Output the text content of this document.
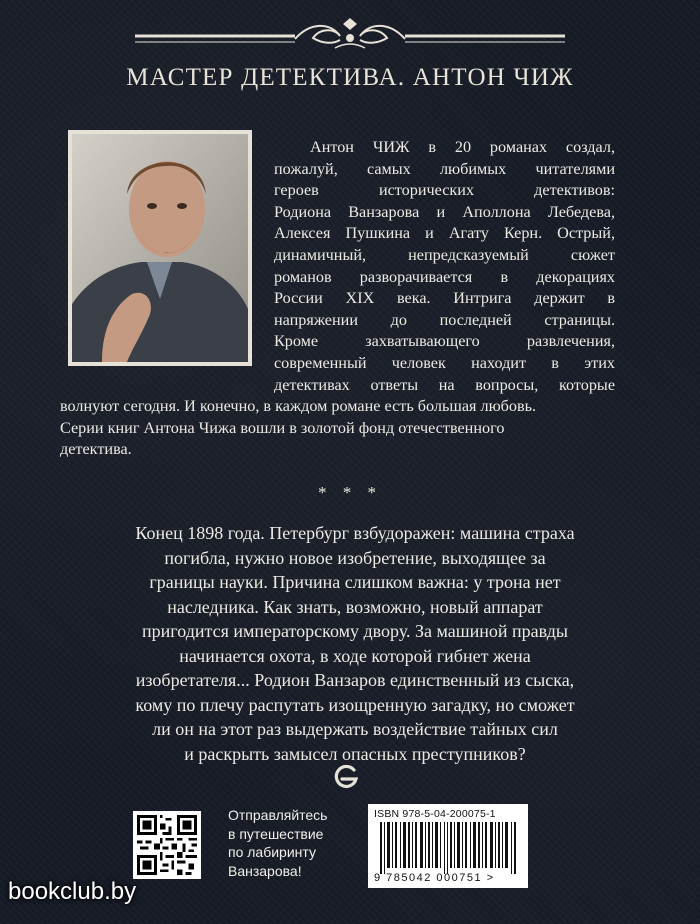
МАСТЕР ДЕТЕКТИВА. АНТОН ЧИЖ
Антон ЧИЖ в 20 романах создал,
пожалуй, самых любимых читателями
героев исторических детективов:
Родиона Ванзарова и Аполлона Лебедева,
Алексея Пушкина и Агату Керн. Острый,
динамичный, непредсказуемый сюжет
романов разворачивается в декорациях
России XIX века. Интрига держит в
напряжении до последней страницы.
Кроме захватывающего развлечения,
современный человек находит в этих
детективах ответы на вопросы, которые
волнуют сегодня. И конечно, в каждом романе есть большая любовь.
Серии книг Антона Чижа вошли в золотой фонд отечественного
детектива.
* * *
Конец 1898 года. Петербург взбудоражен: машина страха
погибла, нужно новое изобретение, выходящее за
границы науки. Причина слишком важна: у трона нет
наследника. Как знать, возможно, новый аппарат
пригодится императорскому двору. За машиной правды
начинается охота, в ходе которой гибнет жена
изобретателя... Родион Ванзаров единственный из сыска,
кому по плечу распутать изощренную загадку, но сможет
ли он на этот раз выдержать воздействие тайных сил
и раскрыть замысел опасных преступников?
Отправляйтесь
в путешествие
по лабиринту
Ванзарова!
ISBN 978-5-04-200075-1
9 785042 000751 >
bookclub.by
